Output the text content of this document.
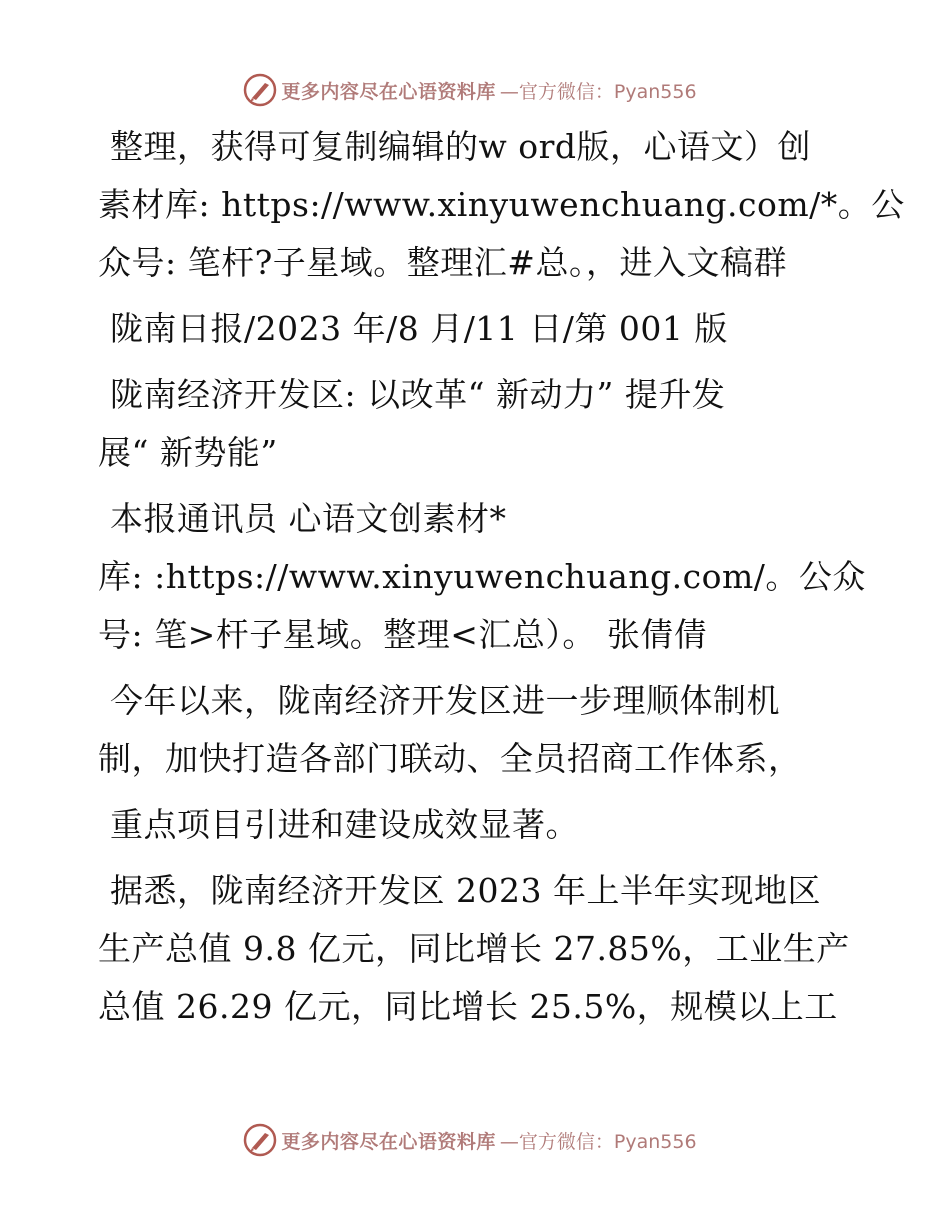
更多内容尽在心语资料库 —官方微信：Pyan556
整理，获得可复制编辑的w ord版，心语文）创
素材库: https://www.xinyuwenchuang.com/*。公
众号: 笔杆?子星域。整理汇#总。，进入文稿群
陇南日报/2023 年/8 月/11 日/第 001 版
陇南经济开发区: 以改革“ 新动力” 提升发
展“ 新势能”
本报通讯员 心语文创素材*
库: :https://www.xinyuwenchuang.com/。公众
号: 笔>杆子星域。整理<汇总）。 张倩倩
今年以来，陇南经济开发区进一步理顺体制机
制，加快打造各部门联动、全员招商工作体系，
重点项目引进和建设成效显著。
据悉，陇南经济开发区 2023 年上半年实现地区
生产总值 9.8 亿元，同比增长 27.85%，工业生产
总值 26.29 亿元，同比增长 25.5%，规模以上工
更多内容尽在心语资料库 —官方微信：Pyan556
